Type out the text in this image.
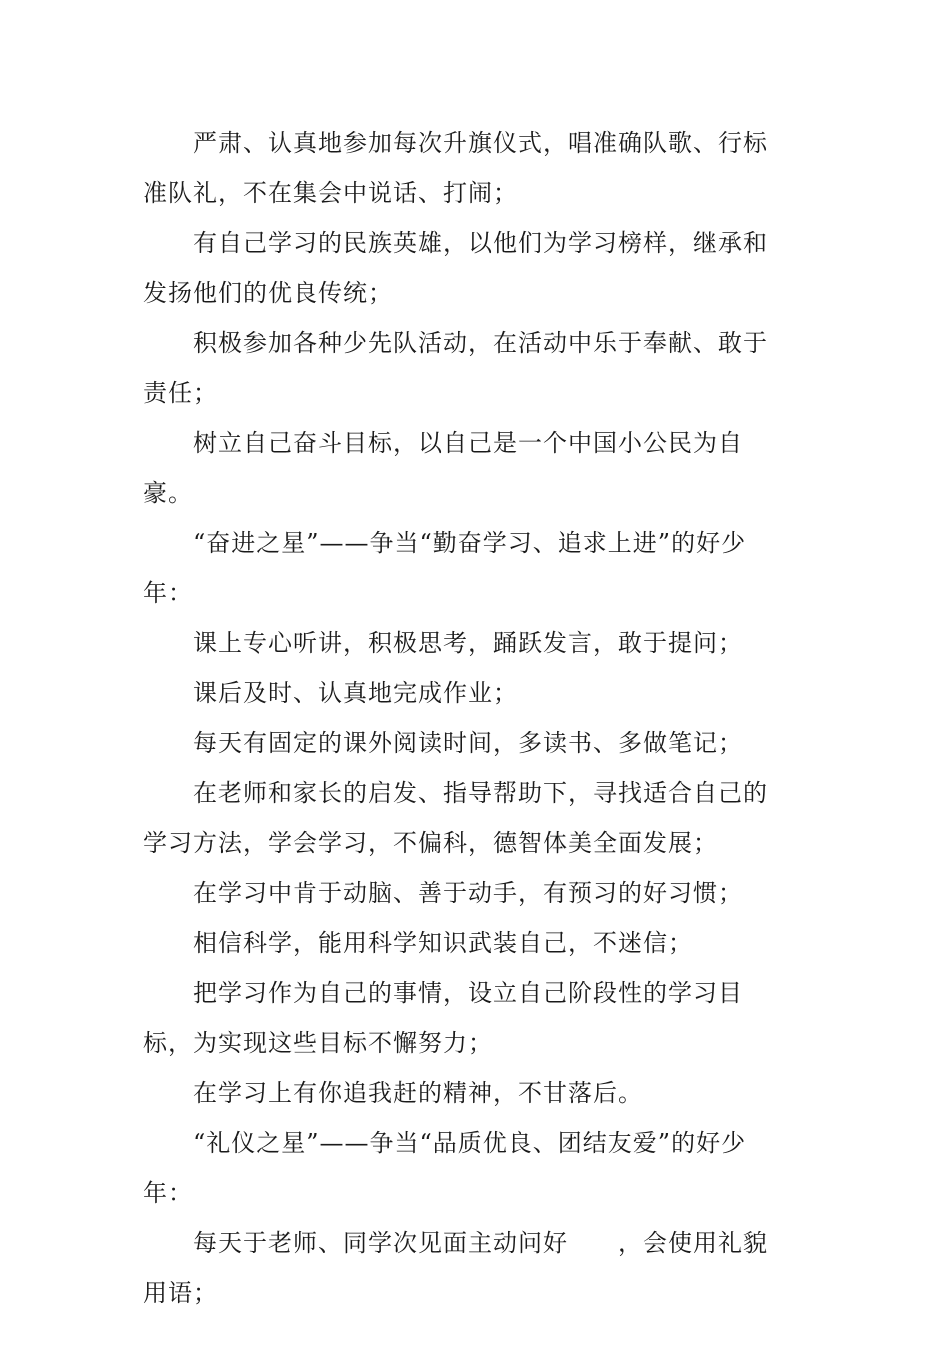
严肃、认真地参加每次升旗仪式，唱准确队歌、行标准队礼，不在集会中说话、打闹；

有自己学习的民族英雄，以他们为学习榜样，继承和发扬他们的优良传统；

积极参加各种少先队活动，在活动中乐于奉献、敢于责任；

树立自己奋斗目标，以自己是一个中国小公民为自豪。

“奋进之星”——争当“勤奋学习、追求上进”的好少年：

课上专心听讲，积极思考，踊跃发言，敢于提问；

课后及时、认真地完成作业；

每天有固定的课外阅读时间，多读书、多做笔记；

在老师和家长的启发、指导帮助下，寻找适合自己的学习方法，学会学习，不偏科，德智体美全面发展；

在学习中肯于动脑、善于动手，有预习的好习惯；

相信科学，能用科学知识武装自己，不迷信；

把学习作为自己的事情，设立自己阶段性的学习目标，为实现这些目标不懈努力；

在学习上有你追我赶的精神，不甘落后。

“礼仪之星”——争当“品质优良、团结友爱”的好少年：

每天于老师、同学次见面主动问好　　，会使用礼貌用语；
